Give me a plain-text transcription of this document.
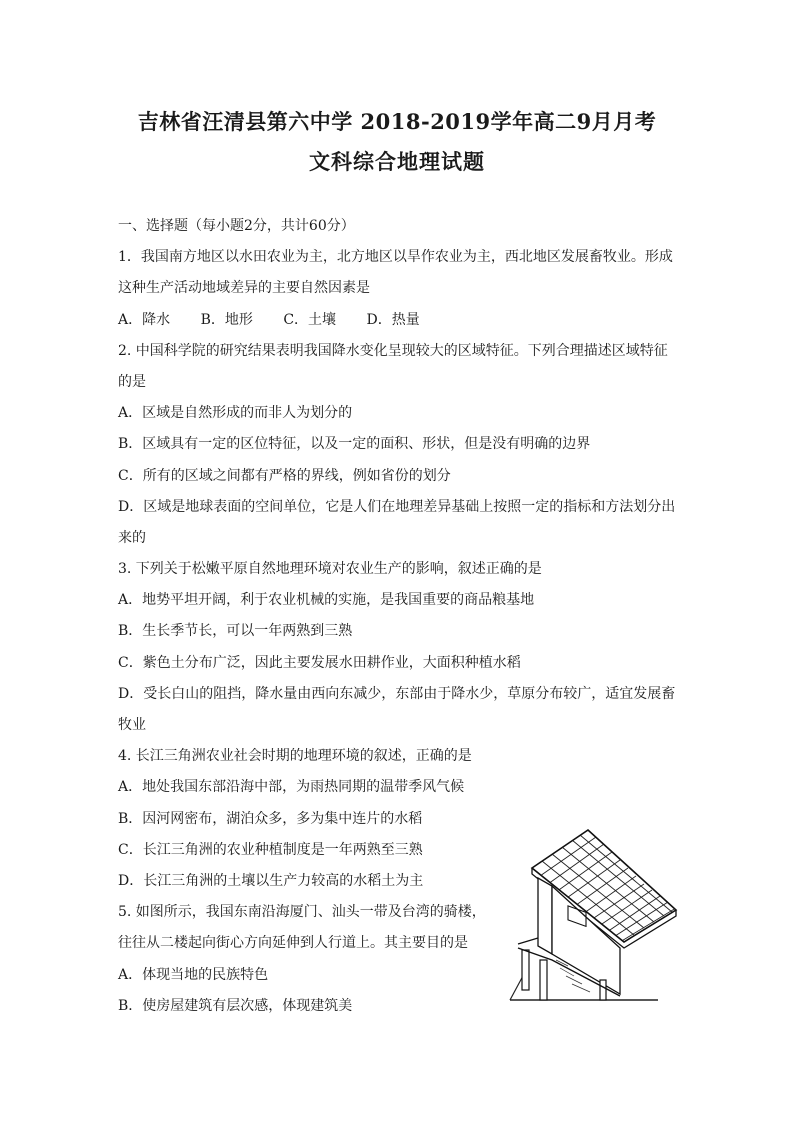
吉林省汪清县第六中学 2018-2019学年高二9月月考
文科综合地理试题
一、选择题（每小题2分，共计60分）
1．我国南方地区以水田农业为主，北方地区以旱作农业为主，西北地区发展畜牧业。形成
这种生产活动地域差异的主要自然因素是
A．降水 B．地形 C．土壤 D．热量
2. 中国科学院的研究结果表明我国降水变化呈现较大的区域特征。下列合理描述区域特征
的是
A．区域是自然形成的而非人为划分的
B．区域具有一定的区位特征，以及一定的面积、形状，但是没有明确的边界
C．所有的区域之间都有严格的界线，例如省份的划分
D．区域是地球表面的空间单位，它是人们在地理差异基础上按照一定的指标和方法划分出
来的
3. 下列关于松嫩平原自然地理环境对农业生产的影响，叙述正确的是
A．地势平坦开阔，利于农业机械的实施，是我国重要的商品粮基地
B．生长季节长，可以一年两熟到三熟
C．紫色土分布广泛，因此主要发展水田耕作业，大面积种植水稻
D．受长白山的阻挡，降水量由西向东减少，东部由于降水少，草原分布较广，适宜发展畜
牧业
4. 长江三角洲农业社会时期的地理环境的叙述，正确的是
A．地处我国东部沿海中部，为雨热同期的温带季风气候
B．因河网密布，湖泊众多，多为集中连片的水稻
C．长江三角洲的农业种植制度是一年两熟至三熟
D．长江三角洲的土壤以生产力较高的水稻土为主
5. 如图所示，我国东南沿海厦门、汕头一带及台湾的骑楼，
往往从二楼起向街心方向延伸到人行道上。其主要目的是
A．体现当地的民族特色
B．使房屋建筑有层次感，体现建筑美
